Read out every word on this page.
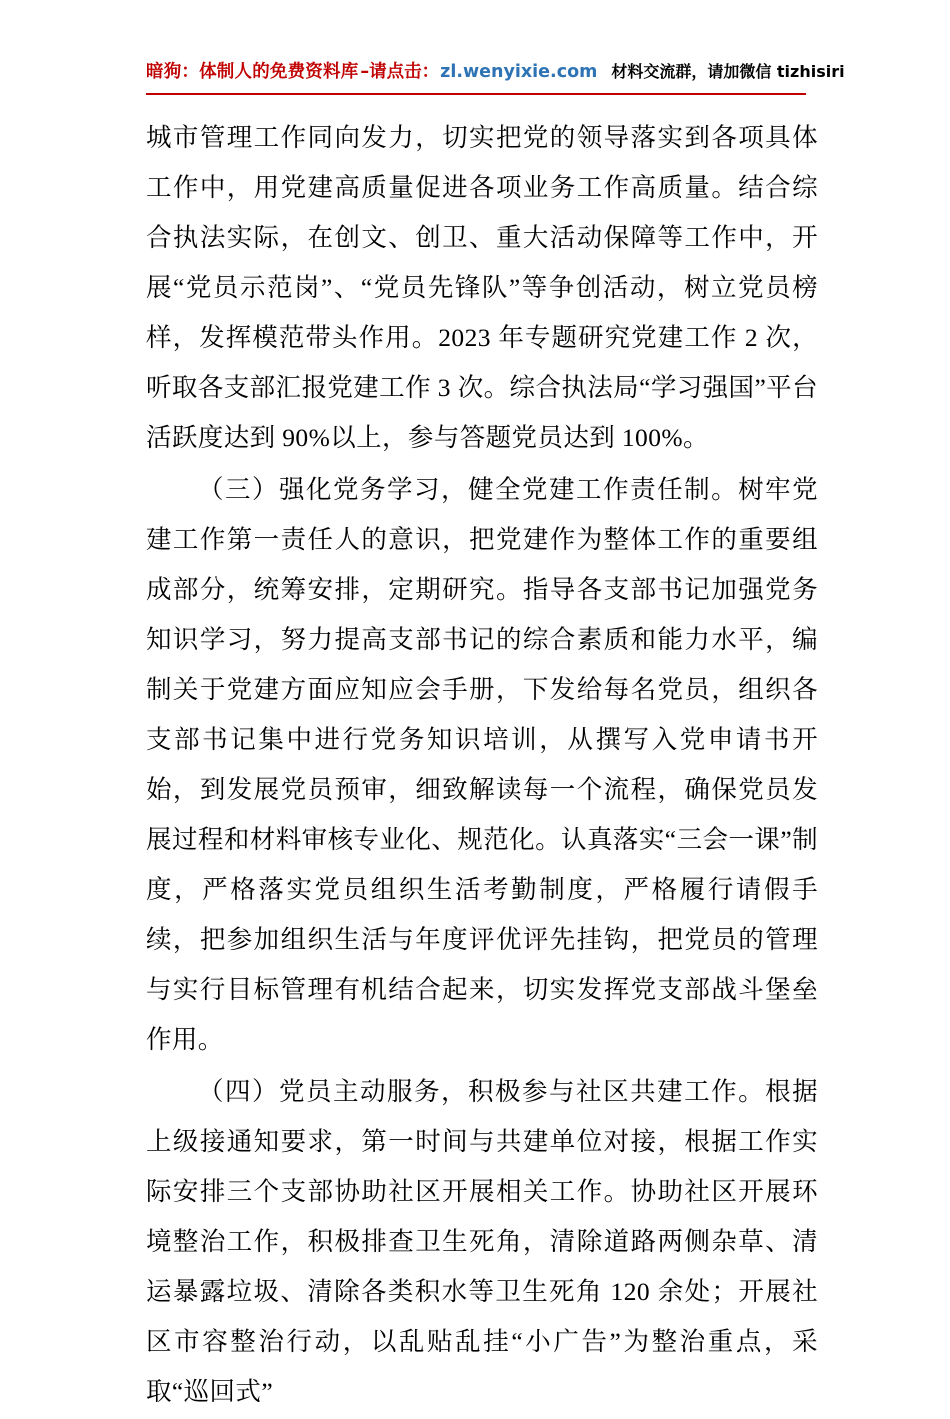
暗狗：体制人的免费资料库 – 请点击： zl.wenyixie.com 材料交流群，请加微信 tizhisiri

城市管理工作同向发力，切实把党的领导落实到各项具体工作中，用党建高质量促进各项业务工作高质量。结合综合执法实际，在创文、创卫、重大活动保障等工作中，开展“党员示范岗”、“党员先锋队”等争创活动，树立党员榜样，发挥模范带头作用。2023 年专题研究党建工作 2 次，听取各支部汇报党建工作 3 次。综合执法局“学习强国”平台活跃度达到 90%以上，参与答题党员达到 100%。

（三）强化党务学习，健全党建工作责任制。树牢党建工作第一责任人的意识，把党建作为整体工作的重要组成部分，统筹安排，定期研究。指导各支部书记加强党务知识学习，努力提高支部书记的综合素质和能力水平，编制关于党建方面应知应会手册，下发给每名党员，组织各支部书记集中进行党务知识培训，从撰写入党申请书开始，到发展党员预审，细致解读每一个流程，确保党员发展过程和材料审核专业化、规范化。认真落实“三会一课”制度，严格落实党员组织生活考勤制度，严格履行请假手续，把参加组织生活与年度评优评先挂钩，把党员的管理与实行目标管理有机结合起来，切实发挥党支部战斗堡垒作用。

（四）党员主动服务，积极参与社区共建工作。根据上级接通知要求，第一时间与共建单位对接，根据工作实际安排三个支部协助社区开展相关工作。协助社区开展环境整治工作，积极排查卫生死角，清除道路两侧杂草、清运暴露垃圾、清除各类积水等卫生死角 120 余处；开展社区市容整治行动，以乱贴乱挂“小广告”为整治重点，采取“巡回式”
